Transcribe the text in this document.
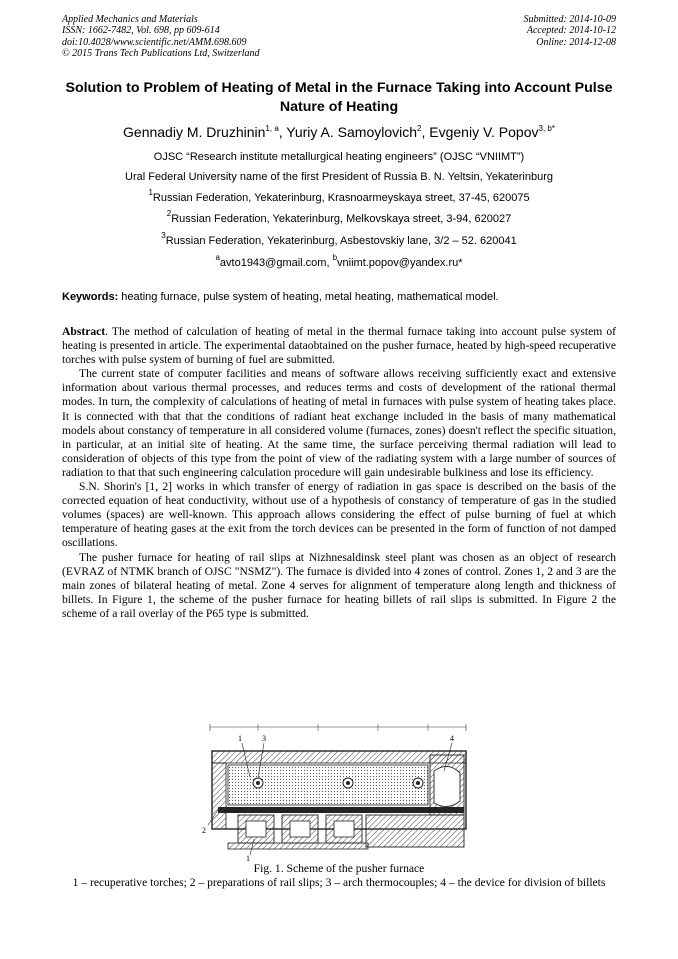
Applied Mechanics and Materials
ISSN: 1662-7482, Vol. 698, pp 609-614
doi:10.4028/www.scientific.net/AMM.698.609
© 2015 Trans Tech Publications Ltd, Switzerland
Submitted: 2014-10-09
Accepted: 2014-10-12
Online: 2014-12-08
Solution to Problem of Heating of Metal in the Furnace Taking into Account Pulse Nature of Heating
Gennadiy M. Druzhinin$^{1, a}$, Yuriy A. Samoylovich$^2$, Evgeniy V. Popov$^{3, b*}$
OJSC “Research institute metallurgical heating engineers” (OJSC “VNIIMT”)
Ural Federal University name of the first President of Russia B. N. Yeltsin, Yekaterinburg
$^1$Russian Federation, Yekaterinburg, Krasnoarmeyskaya street, 37-45, 620075
$^2$Russian Federation, Yekaterinburg, Melkovskaya street, 3-94, 620027
$^3$Russian Federation, Yekaterinburg, Asbestovskiy lane, 3/2 – 52. 620041
$^a$avto1943@gmail.com, $^b$vniimt.popov@yandex.ru*
Keywords: heating furnace, pulse system of heating, metal heating, mathematical model.

Abstract. The method of calculation of heating of metal in the thermal furnace taking into account pulse system of heating is presented in article. The experimental dataobtained on the pusher furnace, heated by high-speed recuperative torches with pulse system of burning of fuel are submitted.

The current state of computer facilities and means of software allows receiving sufficiently exact and extensive information about various thermal processes, and reduces terms and costs of development of the rational thermal modes. In turn, the complexity of calculations of heating of metal in furnaces with pulse system of heating takes place. It is connected with that that the conditions of radiant heat exchange included in the basis of many mathematical models about constancy of temperature in all considered volume (furnaces, zones) doesn't reflect the specific situation, in particular, at an initial site of heating. At the same time, the surface perceiving thermal radiation will lead to consideration of objects of this type from the point of view of the radiating system with a large number of sources of radiation to that that such engineering calculation procedure will gain undesirable bulkiness and lose its efficiency.

S.N. Shorin's [1, 2] works in which transfer of energy of radiation in gas space is described on the basis of the corrected equation of heat conductivity, without use of a hypothesis of constancy of temperature of gas in the studied volumes (spaces) are well-known. This approach allows considering the effect of pulse burning of fuel at which temperature of heating gases at the exit from the torch devices can be presented in the form of function of not damped oscillations.

The pusher furnace for heating of rail slips at Nizhnesaldinsk steel plant was chosen as an object of research (EVRAZ of NTMK branch of OJSC "NSMZ"). The furnace is divided into 4 zones of control. Zones 1, 2 and 3 are the main zones of bilateral heating of metal. Zone 4 serves for alignment of temperature along length and thickness of billets. In Figure 1, the scheme of the pusher furnace for heating billets of rail slips is submitted. In Figure 2 the scheme of a rail overlay of the P65 type is submitted.

1	3	4
2
1
Fig. 1. Scheme of the pusher furnace
1 – recuperative torches; 2 – preparations of rail slips; 3 – arch thermocouples; 4 – the device for division of billets
